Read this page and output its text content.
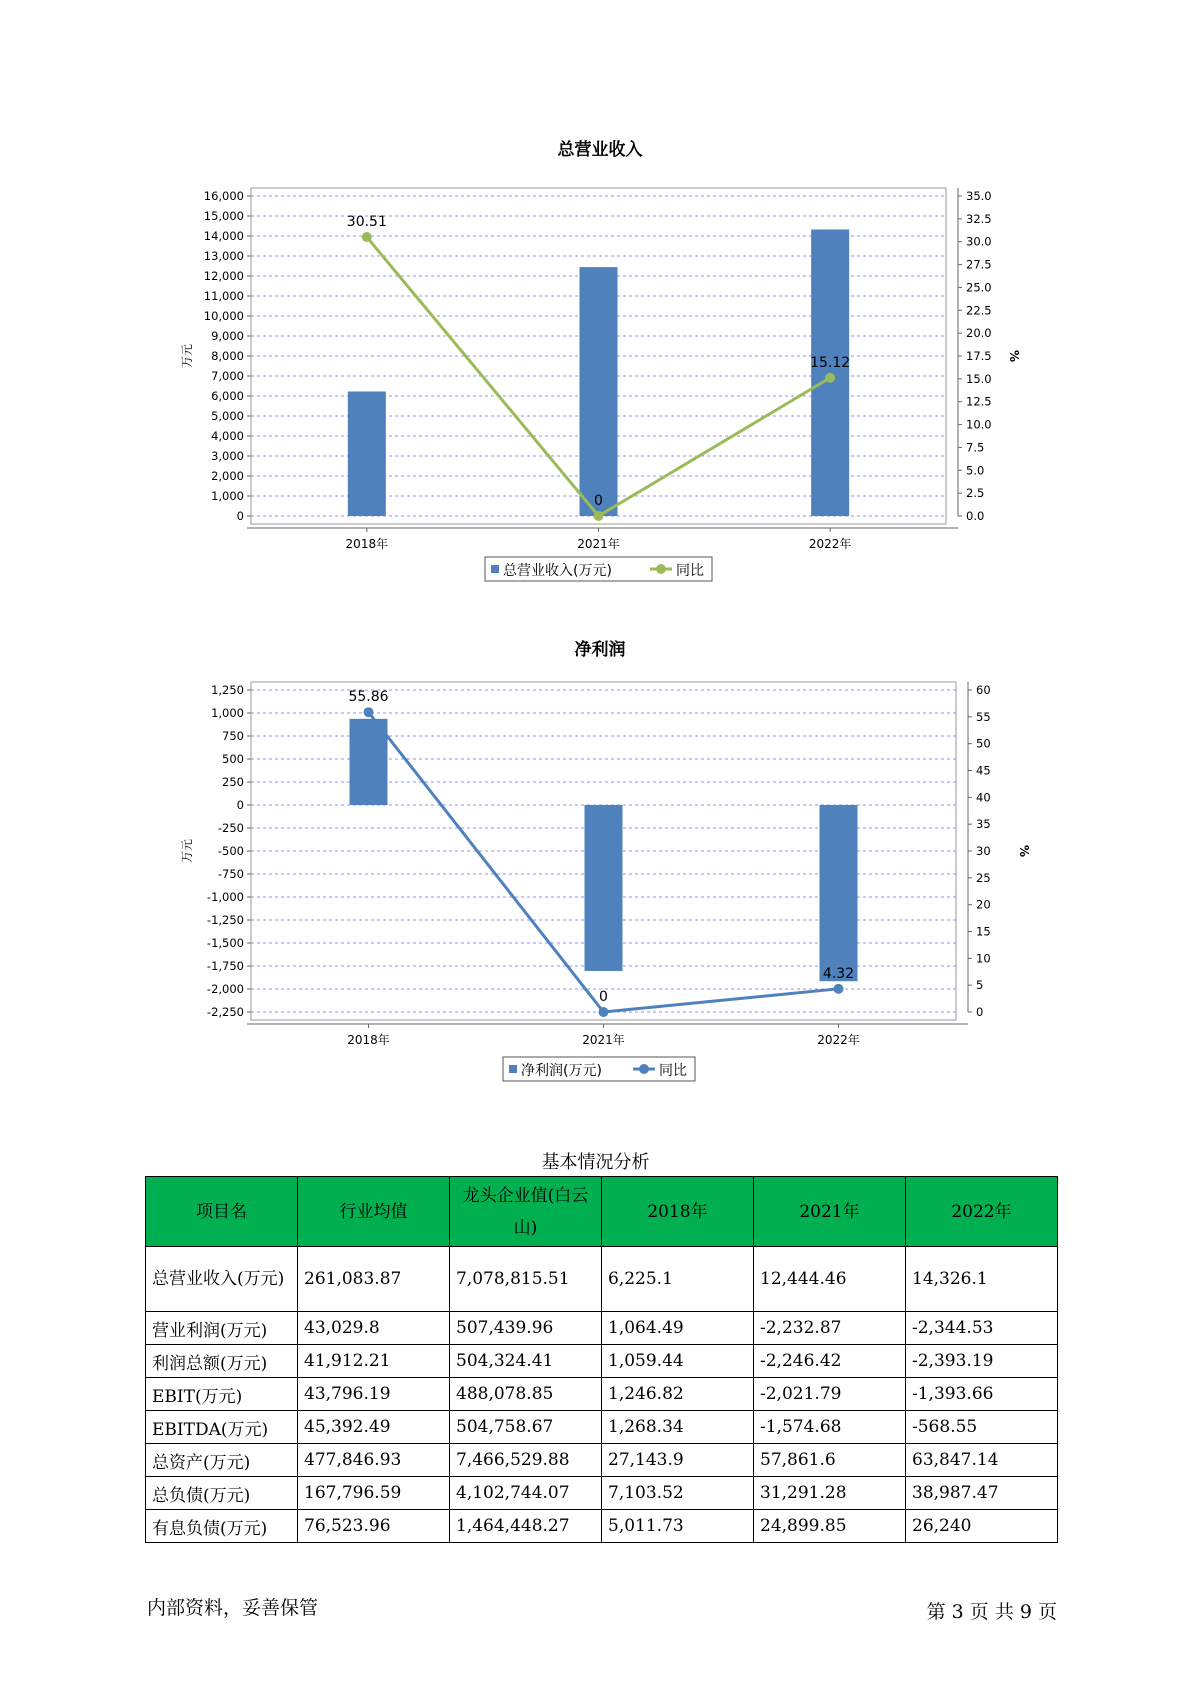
总营业收入
0
1,000
2,000
3,000
4,000
5,000
6,000
7,000
8,000
9,000
10,000
11,000
12,000
13,000
14,000
15,000
16,000
0.0
2.5
5.0
7.5
10.0
12.5
15.0
17.5
20.0
22.5
25.0
27.5
30.0
32.5
35.0
万元	%
2018年	2021年	2022年
30.51
0
15.12
总营业收入(万元)	同比
净利润
-2,250
-2,000
-1,750
-1,500
-1,250
-1,000
-750
-500
-250
0
250
500
750
1,000
1,250
0
5
10
15
20
25
30
35
40
45
50
55
60
万元	%
2018年	2021年	2022年
55.86
0
4.32
净利润(万元)	同比
基本情况分析
项目名	行业均值	龙头企业值(白云山)	2018年	2021年	2022年
总营业收入(万元)	261,083.87	7,078,815.51	6,225.1	12,444.46	14,326.1
营业利润(万元)	43,029.8	507,439.96	1,064.49	-2,232.87	-2,344.53
利润总额(万元)	41,912.21	504,324.41	1,059.44	-2,246.42	-2,393.19
EBIT(万元)	43,796.19	488,078.85	1,246.82	-2,021.79	-1,393.66
EBITDA(万元)	45,392.49	504,758.67	1,268.34	-1,574.68	-568.55
总资产(万元)	477,846.93	7,466,529.88	27,143.9	57,861.6	63,847.14
总负债(万元)	167,796.59	4,102,744.07	7,103.52	31,291.28	38,987.47
有息负债(万元)	76,523.96	1,464,448.27	5,011.73	24,899.85	26,240
内部资料，妥善保管	第 3 页 共 9 页
